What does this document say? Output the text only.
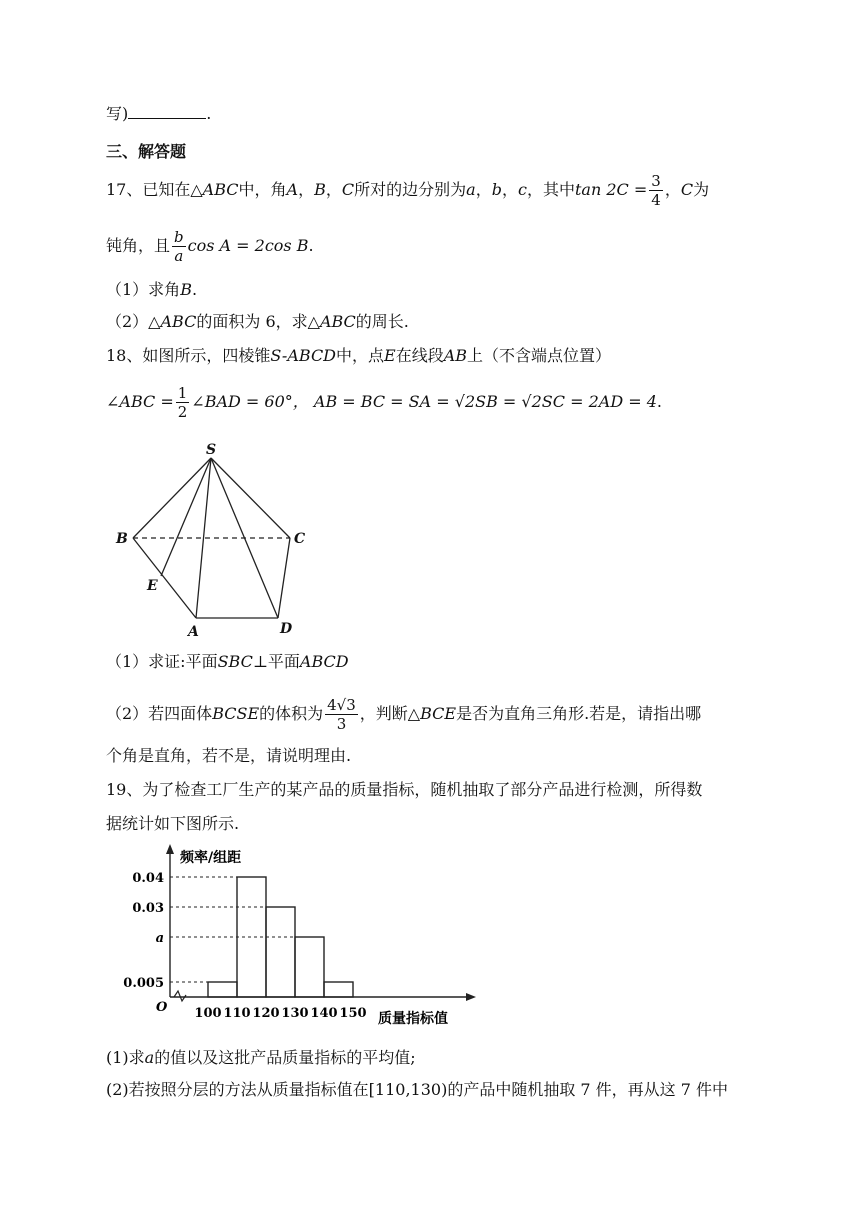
写)	.
三、解答题
17、已知在△ABC中，角A，B，C所对的边分别为a，b，c，其中$\tan 2C = \frac{3}{4}$ ，C为
钝角，且 $\frac{b}{a}$ cos A = 2cos B.
（1）求角B.
（2）△ABC的面积为 6，求△ABC的周长.
18、如图所示，四棱锥S-ABCD中，点E在线段AB上（不含端点位置）
∠ABC = $\frac{1}{2}$ ∠BAD = 60°， AB = BC = SA = √2SB = √2SC = 2AD = 4.
S
B	C
E
A	D
（1）求证:平面SBC⊥平面ABCD
（2）若四面体BCSE的体积为 $\frac{4√3}{3}$ ，判断△BCE是否为直角三角形.若是，请指出哪
个角是直角，若不是，请说明理由.
19、为了检查工厂生产的某产品的质量指标，随机抽取了部分产品进行检测，所得数
据统计如下图所示.
0.04
0.03
a
0.005
100 110 120 130 140 150
O
频率/组距
质量指标值
(1)求a的值以及这批产品质量指标的平均值;
(2)若按照分层的方法从质量指标值在[110,130)的产品中随机抽取 7 件，再从这 7 件中
